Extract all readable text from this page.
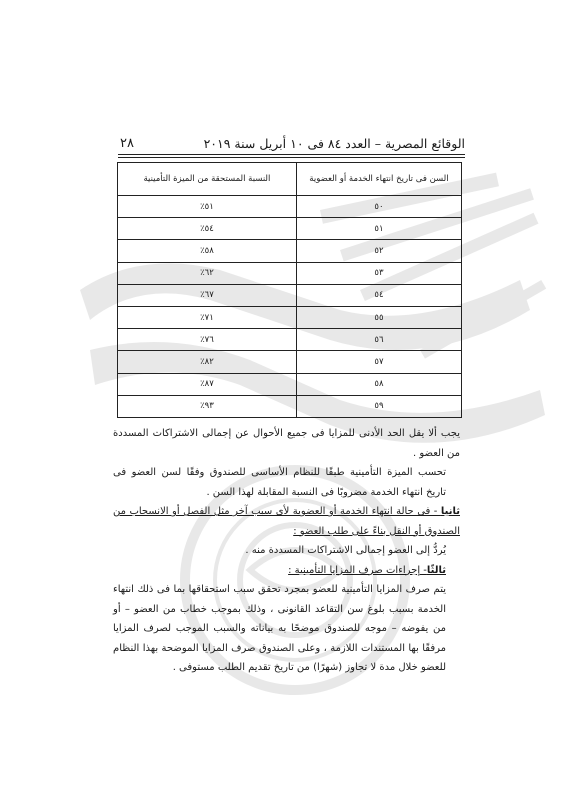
الوقائع المصرية – العدد ٨٤ فى ١٠ أبريل سنة ٢٠١٩
٢٨
السن فى تاريخ انتهاء الخدمة أو العضوية	النسبة المستحقة من الميزة التأمينية
٥٠	٥١٪
٥١	٥٤٪
٥٢	٥٨٪
٥٣	٦٢٪
٥٤	٦٧٪
٥٥	٧١٪
٥٦	٧٦٪
٥٧	٨٢٪
٥٨	٨٧٪
٥٩	٩٣٪

يجب ألا يقل الحد الأدنى للمزايا فى جميع الأحوال عن إجمالى الاشتراكات المسددة من العضو .

تحسب الميزة التأمينية طبقًا للنظام الأساسى للصندوق وفقًا لسن العضو فى تاريخ انتهاء الخدمة مضروبًا فى النسبة المقابلة لهذا السن .

ثانيا - فى حالة انتهاء الخدمة أو العضوية لأى سبب آخر مثل الفصل أو الانسحاب من الصندوق أو النقل بناءً على طلب العضو :

يُردُّ إلى العضو إجمالى الاشتراكات المسددة منه .

ثالثًا- إجراءات صرف المزايا التأمينية :

يتم صرف المزايا التأمينية للعضو بمجرد تحقق سبب استحقاقها بما فى ذلك انتهاء الخدمة بسبب بلوغ سن التقاعد القانونى ، وذلك بموجب خطاب من العضو – أو من يفوضه – موجه للصندوق موضحًا به بياناته والسبب الموجب لصرف المزايا مرفقًا بها المستندات اللازمة ، وعلى الصندوق صرف المزايا الموضحة بهذا النظام للعضو خلال مدة لا تجاوز (شهرًا) من تاريخ تقديم الطلب مستوفى .
